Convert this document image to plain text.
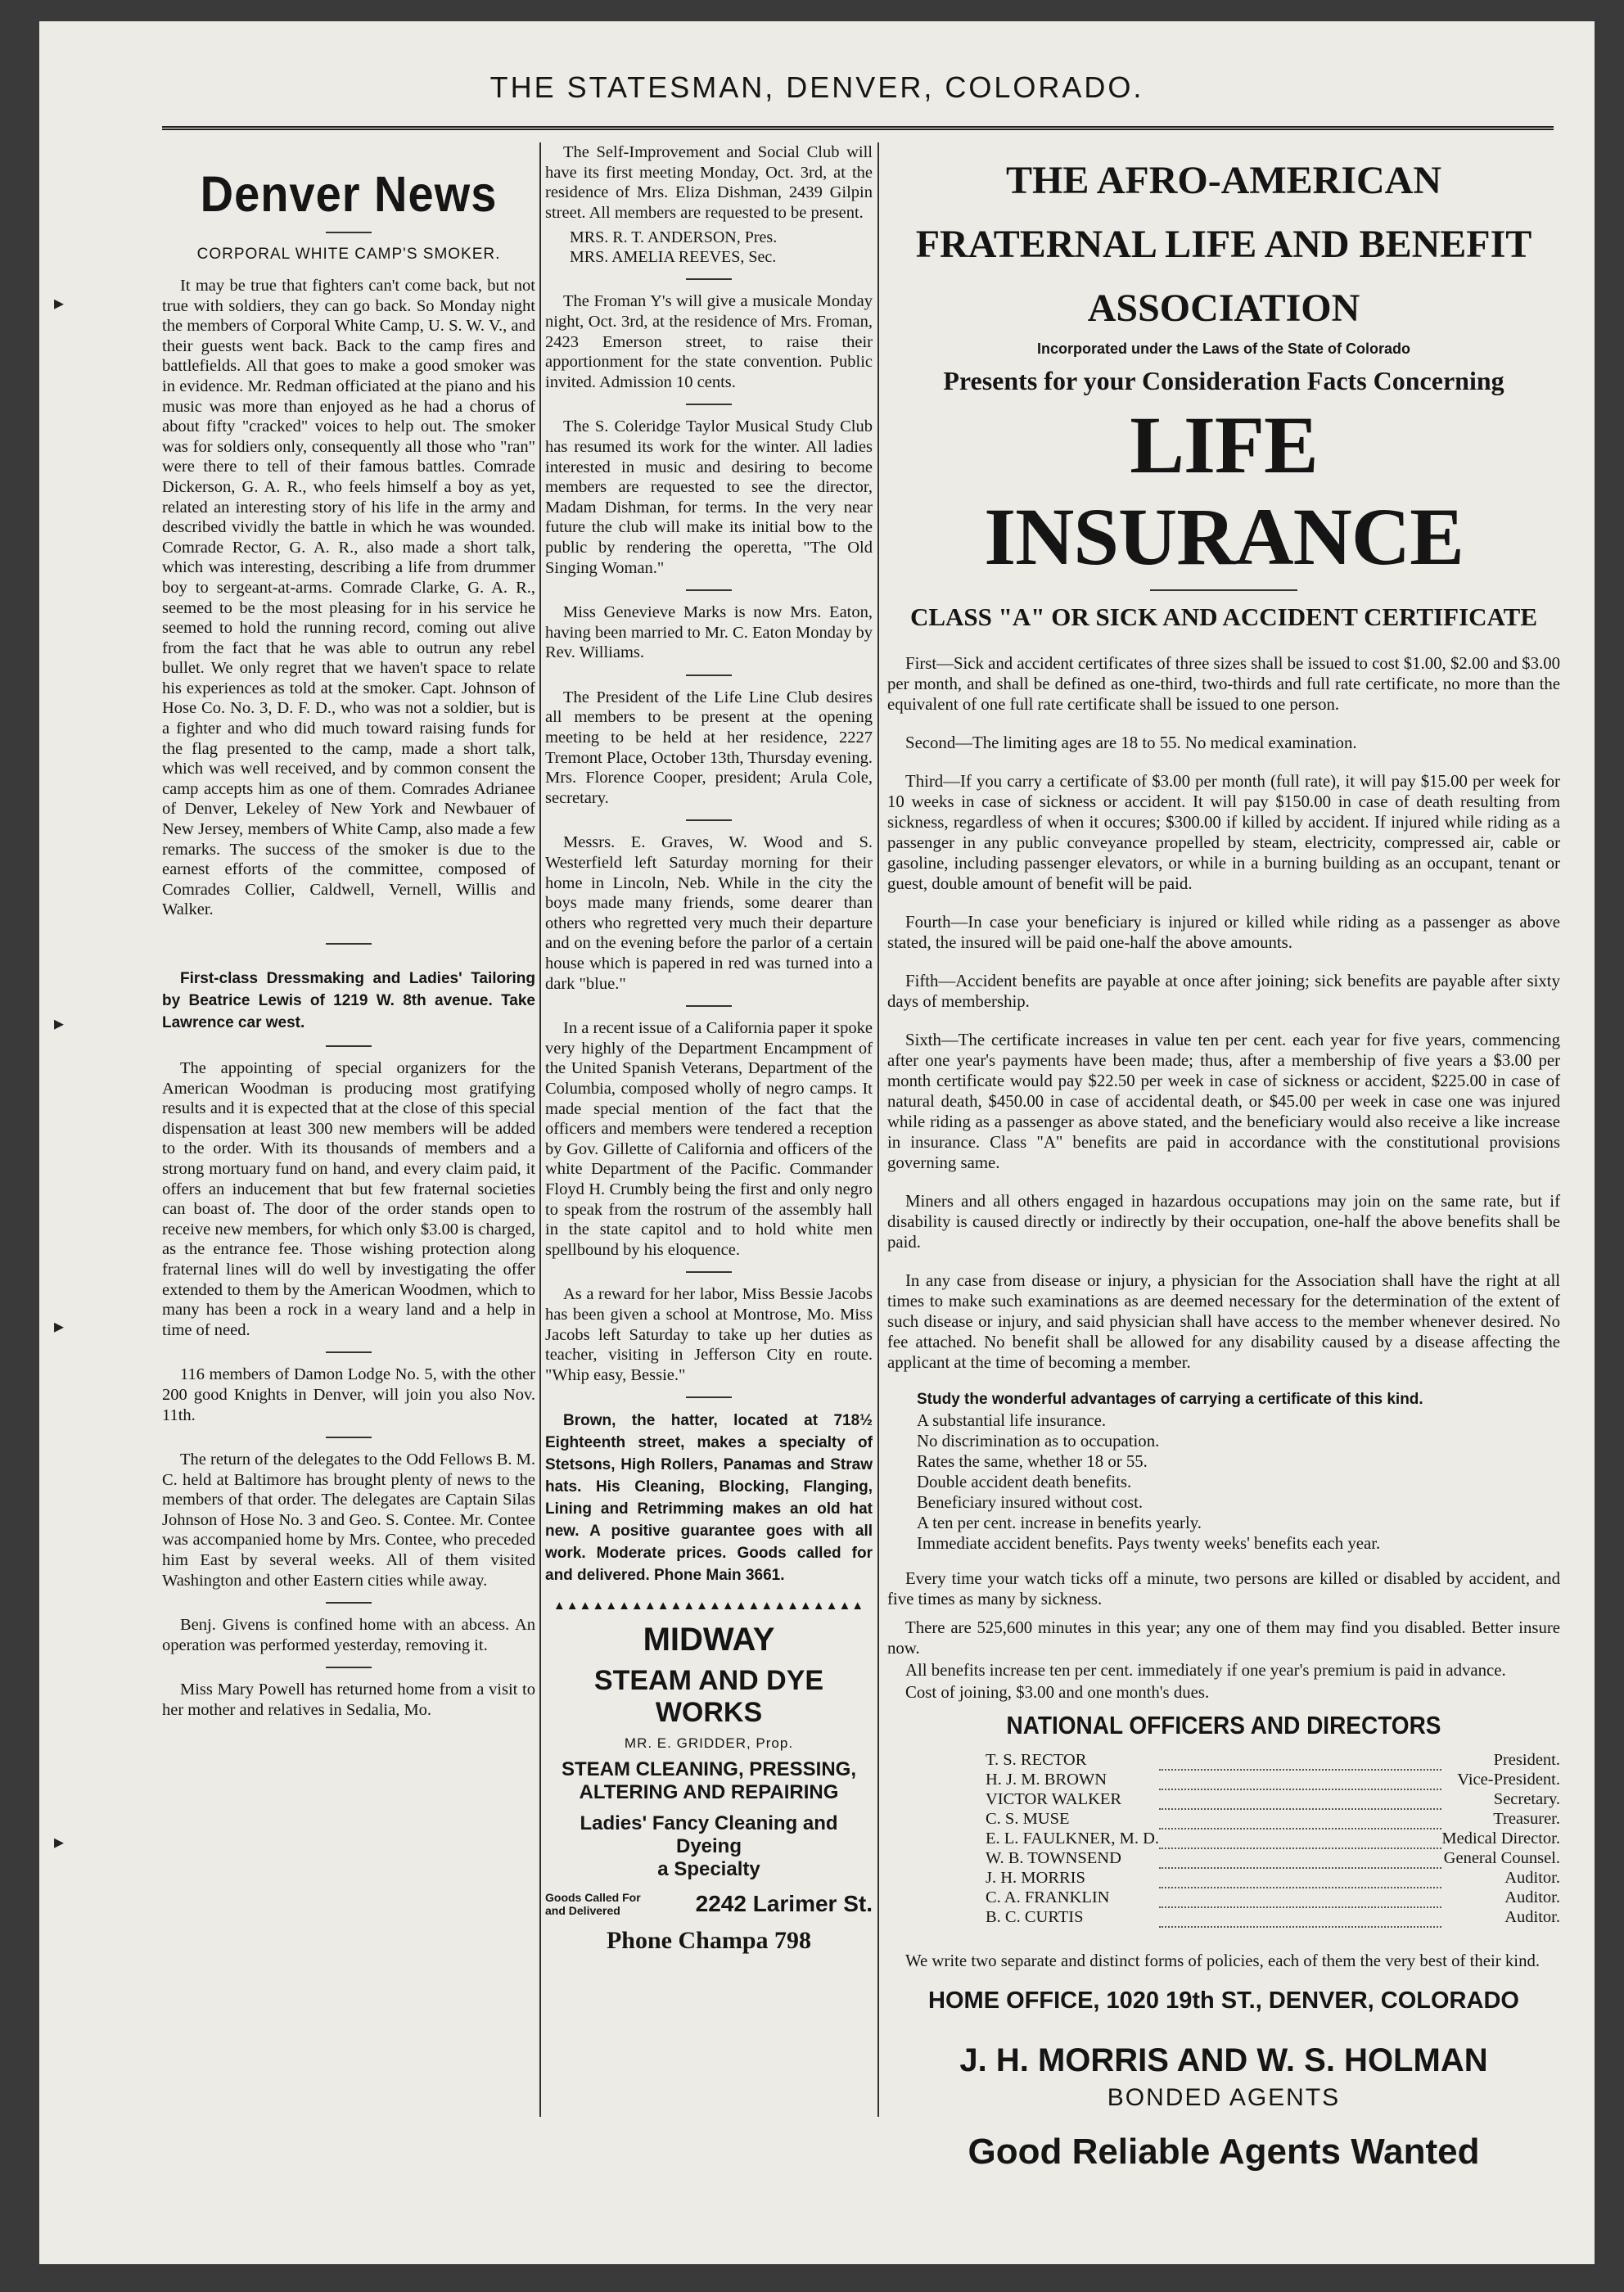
THE STATESMAN, DENVER, COLORADO.
▸
▸
▸
▸
Denver News
CORPORAL WHITE CAMP'S SMOKER.

It may be true that fighters can't come back, but not true with soldiers, they can go back. So Monday night the members of Corporal White Camp, U. S. W. V., and their guests went back. Back to the camp fires and battlefields. All that goes to make a good smoker was in evidence. Mr. Redman officiated at the piano and his music was more than enjoyed as he had a chorus of about fifty "cracked" voices to help out. The smoker was for soldiers only, consequently all those who "ran" were there to tell of their famous battles. Comrade Dickerson, G. A. R., who feels himself a boy as yet, related an interesting story of his life in the army and described vividly the battle in which he was wounded. Comrade Rector, G. A. R., also made a short talk, which was interesting, describing a life from drummer boy to sergeant-at-arms. Comrade Clarke, G. A. R., seemed to be the most pleasing for in his service he seemed to hold the running record, coming out alive from the fact that he was able to outrun any rebel bullet. We only regret that we haven't space to relate his experiences as told at the smoker. Capt. Johnson of Hose Co. No. 3, D. F. D., who was not a soldier, but is a fighter and who did much toward raising funds for the flag presented to the camp, made a short talk, which was well received, and by common consent the camp accepts him as one of them. Comrades Adrianee of Denver, Lekeley of New York and Newbauer of New Jersey, members of White Camp, also made a few remarks. The success of the smoker is due to the earnest efforts of the committee, composed of Comrades Collier, Caldwell, Vernell, Willis and Walker.

First-class Dressmaking and Ladies' Tailoring by Beatrice Lewis of 1219 W. 8th avenue. Take Lawrence car west.

The appointing of special organizers for the American Woodman is producing most gratifying results and it is expected that at the close of this special dispensation at least 300 new members will be added to the order. With its thousands of members and a strong mortuary fund on hand, and every claim paid, it offers an inducement that but few fraternal societies can boast of. The door of the order stands open to receive new members, for which only $3.00 is charged, as the entrance fee. Those wishing protection along fraternal lines will do well by investigating the offer extended to them by the American Woodmen, which to many has been a rock in a weary land and a help in time of need.

116 members of Damon Lodge No. 5, with the other 200 good Knights in Denver, will join you also Nov. 11th.

The return of the delegates to the Odd Fellows B. M. C. held at Baltimore has brought plenty of news to the members of that order. The delegates are Captain Silas Johnson of Hose No. 3 and Geo. S. Contee. Mr. Contee was accompanied home by Mrs. Contee, who preceded him East by several weeks. All of them visited Washington and other Eastern cities while away.

Benj. Givens is confined home with an abcess. An operation was performed yesterday, removing it.

Miss Mary Powell has returned home from a visit to her mother and relatives in Sedalia, Mo.

The Self-Improvement and Social Club will have its first meeting Monday, Oct. 3rd, at the residence of Mrs. Eliza Dishman, 2439 Gilpin street. All members are requested to be present.

MRS. R. T. ANDERSON, Pres.

MRS. AMELIA REEVES, Sec.

The Froman Y's will give a musicale Monday night, Oct. 3rd, at the residence of Mrs. Froman, 2423 Emerson street, to raise their apportionment for the state convention. Public invited. Admission 10 cents.

The S. Coleridge Taylor Musical Study Club has resumed its work for the winter. All ladies interested in music and desiring to become members are requested to see the director, Madam Dishman, for terms. In the very near future the club will make its initial bow to the public by rendering the operetta, "The Old Singing Woman."

Miss Genevieve Marks is now Mrs. Eaton, having been married to Mr. C. Eaton Monday by Rev. Williams.

The President of the Life Line Club desires all members to be present at the opening meeting to be held at her residence, 2227 Tremont Place, October 13th, Thursday evening. Mrs. Florence Cooper, president; Arula Cole, secretary.

Messrs. E. Graves, W. Wood and S. Westerfield left Saturday morning for their home in Lincoln, Neb. While in the city the boys made many friends, some dearer than others who regretted very much their departure and on the evening before the parlor of a certain house which is papered in red was turned into a dark "blue."

In a recent issue of a California paper it spoke very highly of the Department Encampment of the United Spanish Veterans, Department of the Columbia, composed wholly of negro camps. It made special mention of the fact that the officers and members were tendered a reception by Gov. Gillette of California and officers of the white Department of the Pacific. Commander Floyd H. Crumbly being the first and only negro to speak from the rostrum of the assembly hall in the state capitol and to hold white men spellbound by his eloquence.

As a reward for her labor, Miss Bessie Jacobs has been given a school at Montrose, Mo. Miss Jacobs left Saturday to take up her duties as teacher, visiting in Jefferson City en route. "Whip easy, Bessie."

Brown, the hatter, located at 718½ Eighteenth street, makes a specialty of Stetsons, High Rollers, Panamas and Straw hats. His Cleaning, Blocking, Flanging, Lining and Retrimming makes an old hat new. A positive guarantee goes with all work. Moderate prices. Goods called for and delivered. Phone Main 3661.

▲▲▲▲▲▲▲▲▲▲▲▲▲▲▲▲▲▲▲▲▲▲▲▲

MIDWAY

STEAM AND DYE WORKS

MR. E. GRIDDER, Prop.

STEAM CLEANING, PRESSING,

ALTERING AND REPAIRING

Ladies' Fancy Cleaning and Dyeing

a Specialty

Goods Called For and Delivered	2242 Larimer St.

Phone Champa 798

THE AFRO-AMERICAN
FRATERNAL LIFE AND BENEFIT
ASSOCIATION
Incorporated under the Laws of the State of Colorado
Presents for your Consideration Facts Concerning
LIFE INSURANCE
CLASS "A" OR SICK AND ACCIDENT CERTIFICATE

First—Sick and accident certificates of three sizes shall be issued to cost $1.00, $2.00 and $3.00 per month, and shall be defined as one-third, two-thirds and full rate certificate, no more than the equivalent of one full rate certificate shall be issued to one person.

Second—The limiting ages are 18 to 55. No medical examination.

Third—If you carry a certificate of $3.00 per month (full rate), it will pay $15.00 per week for 10 weeks in case of sickness or accident. It will pay $150.00 in case of death resulting from sickness, regardless of when it occures; $300.00 if killed by accident. If injured while riding as a passenger in any public conveyance propelled by steam, electricity, compressed air, cable or gasoline, including passenger elevators, or while in a burning building as an occupant, tenant or guest, double amount of benefit will be paid.

Fourth—In case your beneficiary is injured or killed while riding as a passenger as above stated, the insured will be paid one-half the above amounts.

Fifth—Accident benefits are payable at once after joining; sick benefits are payable after sixty days of membership.

Sixth—The certificate increases in value ten per cent. each year for five years, commencing after one year's payments have been made; thus, after a membership of five years a $3.00 per month certificate would pay $22.50 per week in case of sickness or accident, $225.00 in case of natural death, $450.00 in case of accidental death, or $45.00 per week in case one was injured while riding as a passenger as above stated, and the beneficiary would also receive a like increase in insurance. Class "A" benefits are paid in accordance with the constitutional provisions governing same.

Miners and all others engaged in hazardous occupations may join on the same rate, but if disability is caused directly or indirectly by their occupation, one-half the above benefits shall be paid.

In any case from disease or injury, a physician for the Association shall have the right at all times to make such examinations as are deemed necessary for the determination of the extent of such disease or injury, and said physician shall have access to the member whenever desired. No fee attached. No benefit shall be allowed for any disability caused by a disease affecting the applicant at the time of becoming a member.

Study the wonderful advantages of carrying a certificate of this kind.

A substantial life insurance.
No discrimination as to occupation.
Rates the same, whether 18 or 55.
Double accident death benefits.
Beneficiary insured without cost.
A ten per cent. increase in benefits yearly.
Immediate accident benefits. Pays twenty weeks' benefits each year.

Every time your watch ticks off a minute, two persons are killed or disabled by accident, and five times as many by sickness.

There are 525,600 minutes in this year; any one of them may find you disabled. Better insure now.

All benefits increase ten per cent. immediately if one year's premium is paid in advance.

Cost of joining, $3.00 and one month's dues.

NATIONAL OFFICERS AND DIRECTORS
T. S. RECTOR		President.
H. J. M. BROWN		Vice-President.
VICTOR WALKER		Secretary.
C. S. MUSE		Treasurer.
E. L. FAULKNER, M. D.		Medical Director.
W. B. TOWNSEND		General Counsel.
J. H. MORRIS		Auditor.
C. A. FRANKLIN		Auditor.
B. C. CURTIS		Auditor.

We write two separate and distinct forms of policies, each of them the very best of their kind.

HOME OFFICE, 1020 19th ST., DENVER, COLORADO
J. H. MORRIS AND W. S. HOLMAN
BONDED AGENTS
Good Reliable Agents Wanted
